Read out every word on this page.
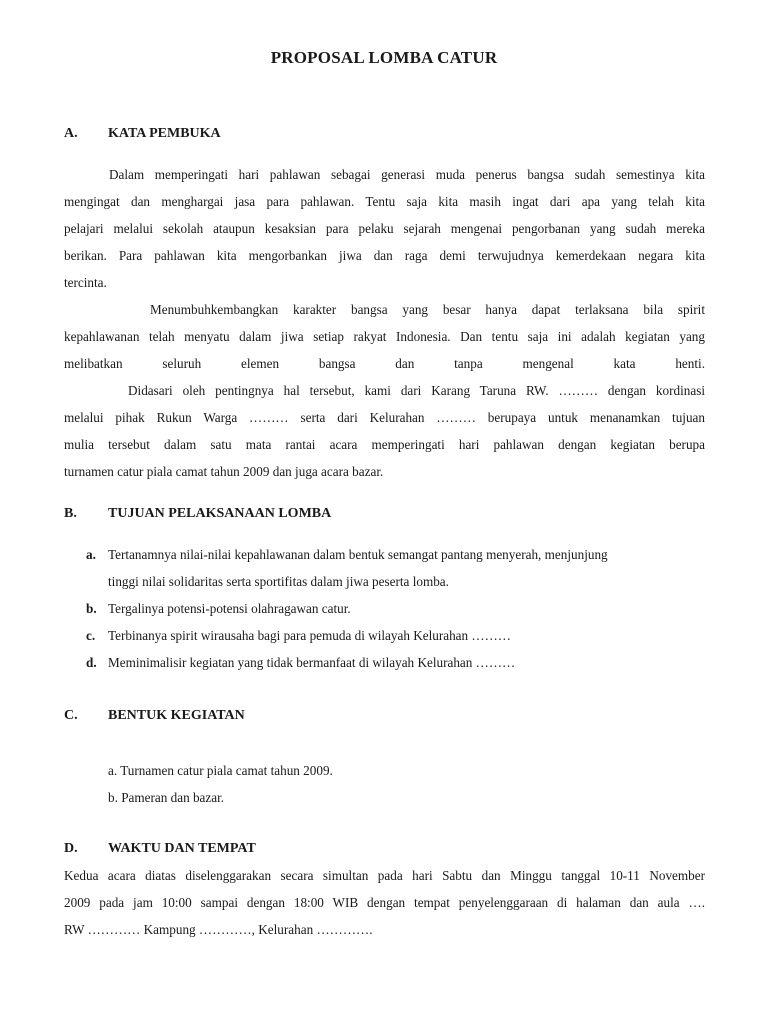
PROPOSAL LOMBA CATUR
A. KATA PEMBUKA
Dalam memperingati hari pahlawan sebagai generasi muda penerus bangsa sudah semestinya kita
mengingat dan menghargai jasa para pahlawan. Tentu saja kita masih ingat dari apa yang telah kita
pelajari melalui sekolah ataupun kesaksian para pelaku sejarah mengenai pengorbanan yang sudah mereka
berikan. Para pahlawan kita mengorbankan jiwa dan raga demi terwujudnya kemerdekaan negara kita
tercinta.
Menumbuhkembangkan karakter bangsa yang besar hanya dapat terlaksana bila spirit
kepahlawanan telah menyatu dalam jiwa setiap rakyat Indonesia. Dan tentu saja ini adalah kegiatan yang
melibatkan seluruh elemen bangsa dan tanpa mengenal kata henti.
Didasari oleh pentingnya hal tersebut, kami dari Karang Taruna RW. ……… dengan kordinasi
melalui pihak Rukun Warga ……… serta dari Kelurahan ……… berupaya untuk menanamkan tujuan
mulia tersebut dalam satu mata rantai acara memperingati hari pahlawan dengan kegiatan berupa
turnamen catur piala camat tahun 2009 dan juga acara bazar.
B. TUJUAN PELAKSANAAN LOMBA
a. Tertanamnya nilai-nilai kepahlawanan dalam bentuk semangat pantang menyerah, menjunjung
tinggi nilai solidaritas serta sportifitas dalam jiwa peserta lomba.
b. Tergalinya potensi-potensi olahragawan catur.
c. Terbinanya spirit wirausaha bagi para pemuda di wilayah Kelurahan ………
d. Meminimalisir kegiatan yang tidak bermanfaat di wilayah Kelurahan ………
C. BENTUK KEGIATAN
a. Turnamen catur piala camat tahun 2009.
b. Pameran dan bazar.
D. WAKTU DAN TEMPAT
Kedua acara diatas diselenggarakan secara simultan pada hari Sabtu dan Minggu tanggal 10-11 November
2009 pada jam 10:00 sampai dengan 18:00 WIB dengan tempat penyelenggaraan di halaman dan aula ….
RW ………… Kampung …………, Kelurahan ………….
